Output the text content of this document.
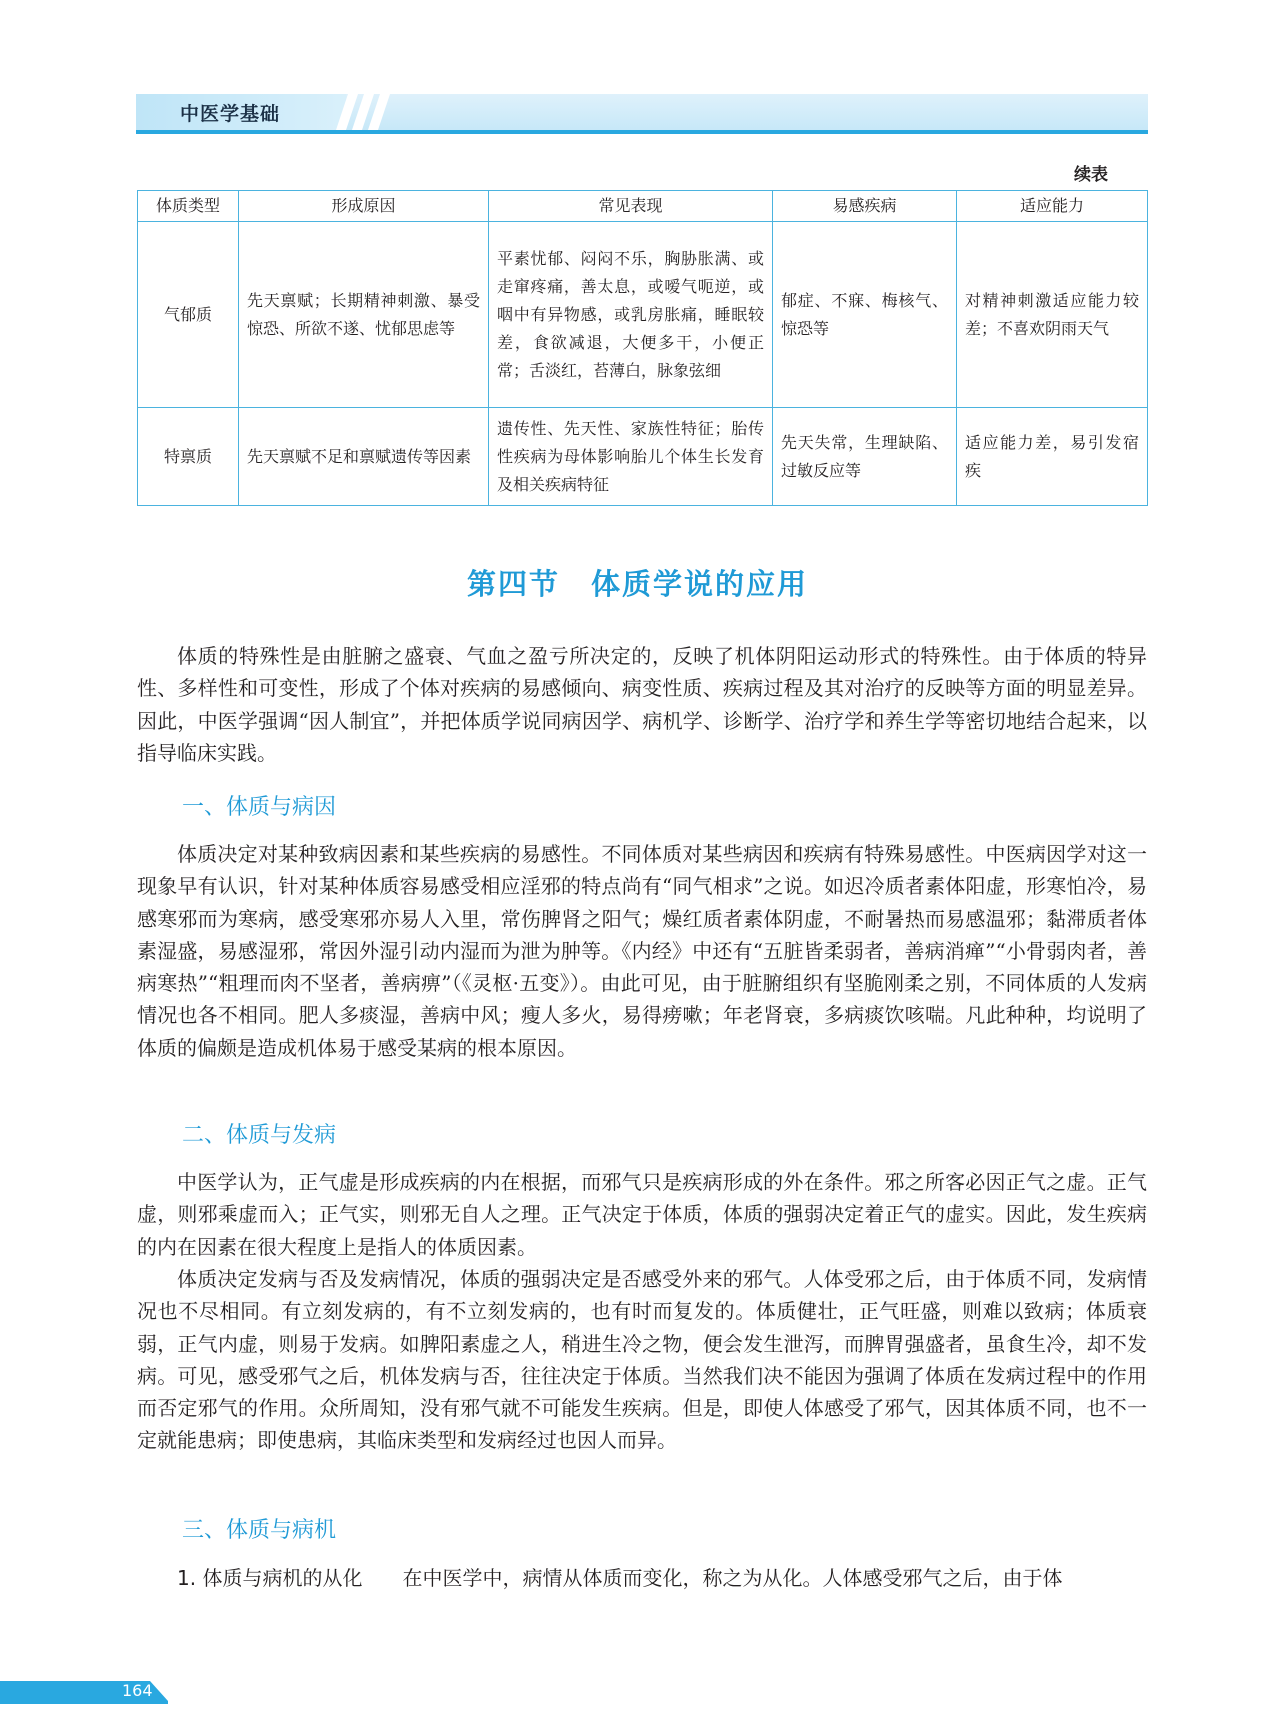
中医学基础
续表
体质类型	形成原因	常见表现	易感疾病	适应能力
气郁质	先天禀赋；长期精神刺激、暴受惊恐、所欲不遂、忧郁思虑等	平素忧郁、闷闷不乐，胸胁胀满、或走窜疼痛，善太息，或嗳气呃逆，或咽中有异物感，或乳房胀痛，睡眠较差，食欲减退，大便多干，小便正常；舌淡红，苔薄白，脉象弦细	郁症、不寐、梅核气、惊恐等	对精神刺激适应能力较差；不喜欢阴雨天气
特禀质	先天禀赋不足和禀赋遗传等因素	遗传性、先天性、家族性特征；胎传性疾病为母体影响胎儿个体生长发育及相关疾病特征	先天失常，生理缺陷、过敏反应等	适应能力差，易引发宿疾
第四节　体质学说的应用

体质的特殊性是由脏腑之盛衰、气血之盈亏所决定的，反映了机体阴阳运动形式的特殊性。由于体质的特异性、多样性和可变性，形成了个体对疾病的易感倾向、病变性质、疾病过程及其对治疗的反映等方面的明显差异。因此，中医学强调“因人制宜”，并把体质学说同病因学、病机学、诊断学、治疗学和养生学等密切地结合起来，以指导临床实践。

一、体质与病因

体质决定对某种致病因素和某些疾病的易感性。不同体质对某些病因和疾病有特殊易感性。中医病因学对这一现象早有认识，针对某种体质容易感受相应淫邪的特点尚有“同气相求”之说。如迟冷质者素体阳虚，形寒怕冷，易感寒邪而为寒病，感受寒邪亦易人入里，常伤脾肾之阳气；燥红质者素体阴虚，不耐暑热而易感温邪；黏滞质者体素湿盛，易感湿邪，常因外湿引动内湿而为泄为肿等。《内经》中还有“五脏皆柔弱者，善病消瘅”“小骨弱肉者，善病寒热”“粗理而肉不坚者，善病痹”（《灵枢·五变》）。由此可见，由于脏腑组织有坚脆刚柔之别，不同体质的人发病情况也各不相同。肥人多痰湿，善病中风；瘦人多火，易得痨嗽；年老肾衰，多病痰饮咳喘。凡此种种，均说明了体质的偏颇是造成机体易于感受某病的根本原因。

二、体质与发病

中医学认为，正气虚是形成疾病的内在根据，而邪气只是疾病形成的外在条件。邪之所客必因正气之虚。正气虚，则邪乘虚而入；正气实，则邪无自人之理。正气决定于体质，体质的强弱决定着正气的虚实。因此，发生疾病的内在因素在很大程度上是指人的体质因素。

体质决定发病与否及发病情况，体质的强弱决定是否感受外来的邪气。人体受邪之后，由于体质不同，发病情况也不尽相同。有立刻发病的，有不立刻发病的，也有时而复发的。体质健壮，正气旺盛，则难以致病；体质衰弱，正气内虚，则易于发病。如脾阳素虚之人，稍进生冷之物，便会发生泄泻，而脾胃强盛者，虽食生冷，却不发病。可见，感受邪气之后，机体发病与否，往往决定于体质。当然我们决不能因为强调了体质在发病过程中的作用而否定邪气的作用。众所周知，没有邪气就不可能发生疾病。但是，即使人体感受了邪气，因其体质不同，也不一定就能患病；即使患病，其临床类型和发病经过也因人而异。

三、体质与病机

1. 体质与病机的从化　　 在中医学中，病情从体质而变化，称之为从化。人体感受邪气之后，由于体

164
